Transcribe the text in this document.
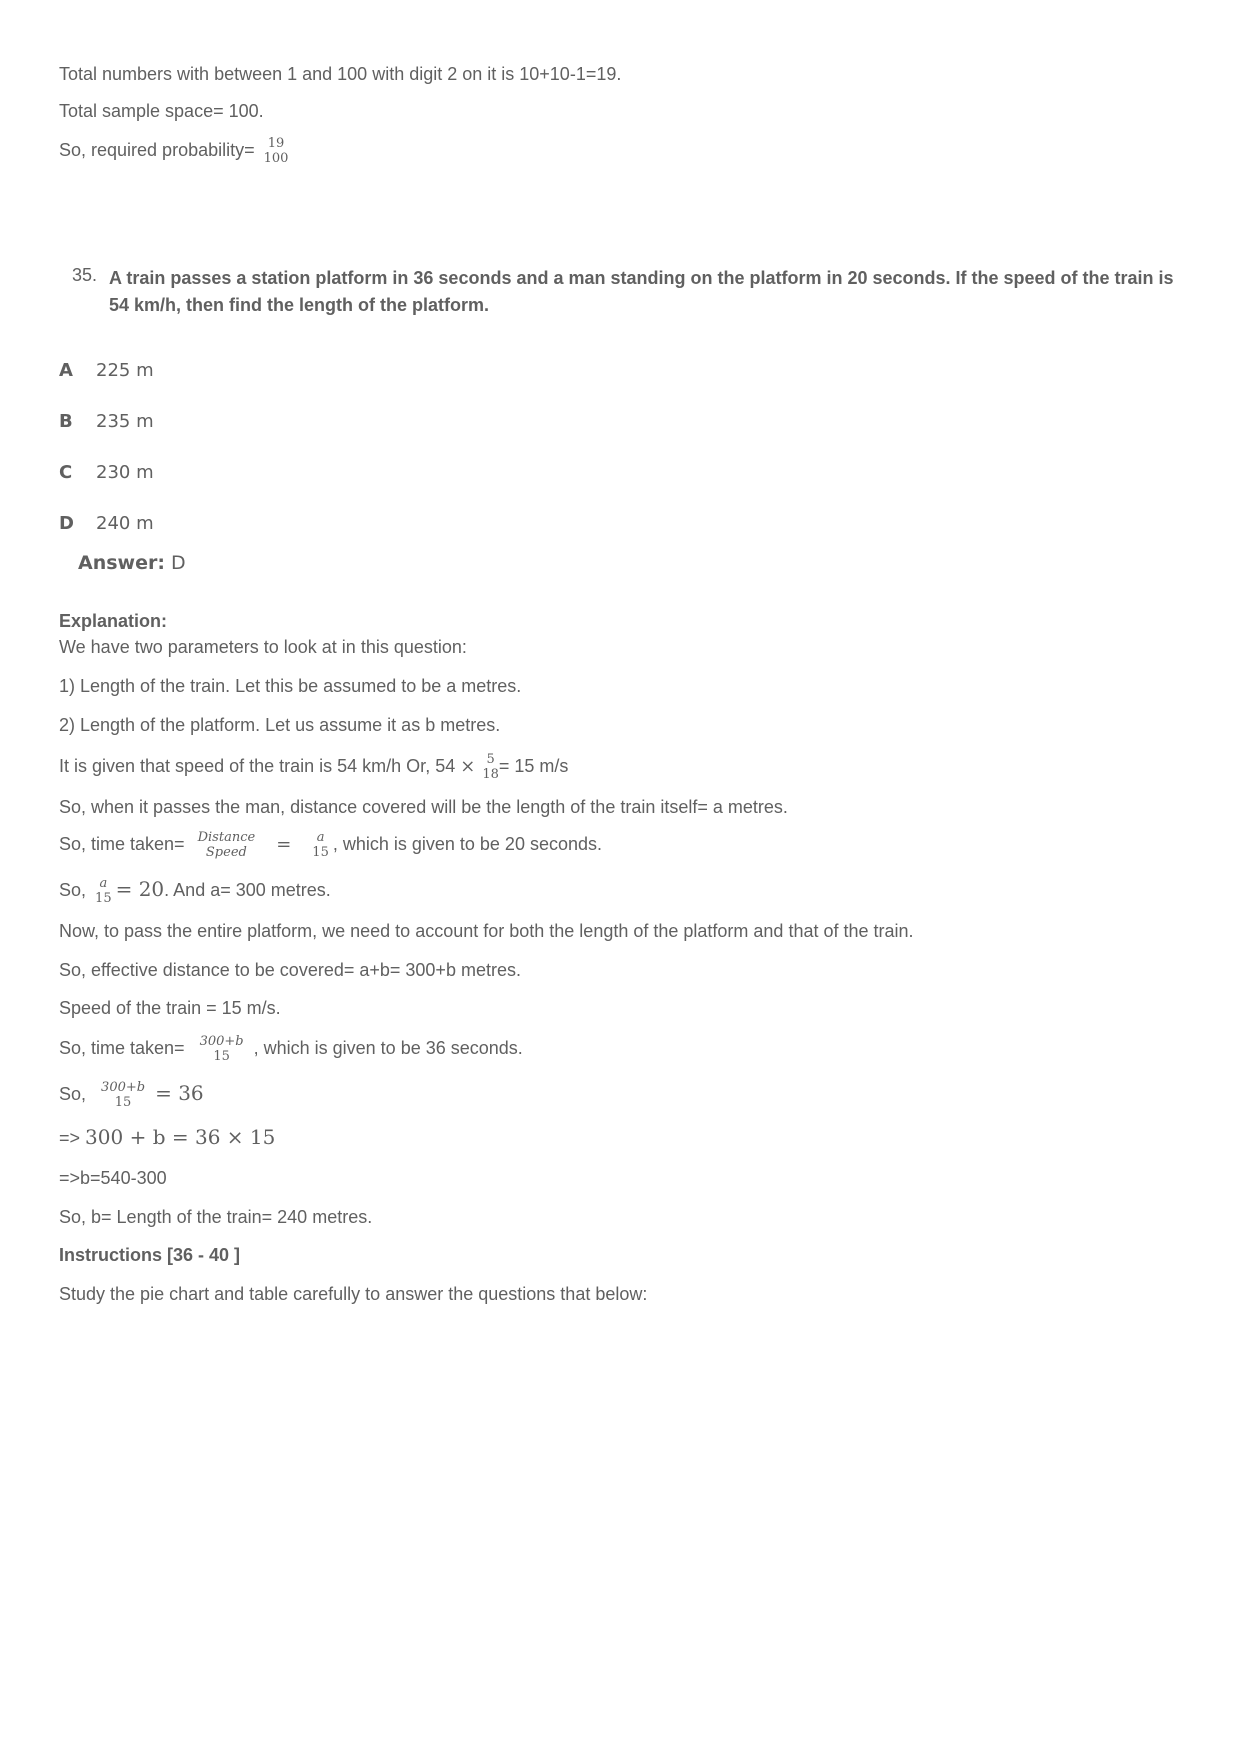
Total numbers with between 1 and 100 with digit 2 on it is 10+10-1=19.
Total sample space= 100.
So, required probability=	19
100
35. A train passes a station platform in 36 seconds and a man standing on the platform in 20 seconds. If the speed of the train is 54 km/h, then find the length of the platform.
A 225 m
B 235 m
C 230 m
D 240 m
Answer: D
Explanation:
We have two parameters to look at in this question:
1) Length of the train. Let this be assumed to be a metres.
2) Length of the platform. Let us assume it as b metres.
It is given that speed of the train is 54 km/h Or, 54 × 5
18 = 15 m/s
So, when it passes the man, distance covered will be the length of the train itself= a metres.
So, time taken= Distance
Speed	=	a
15 , which is given to be 20 seconds.
So,	a
15 = 20. And a= 300 metres.
Now, to pass the entire platform, we need to account for both the length of the platform and that of the train.
So, effective distance to be covered= a+b= 300+b metres.
Speed of the train = 15 m/s.
So, time taken= 300+b
15	, which is given to be 36 seconds.
So, 300+b
15	= 36
=> 300 + b = 36 × 15
=>b=540-300
So, b= Length of the train= 240 metres.
Instructions [36 - 40 ]
Study the pie chart and table carefully to answer the questions that below:
